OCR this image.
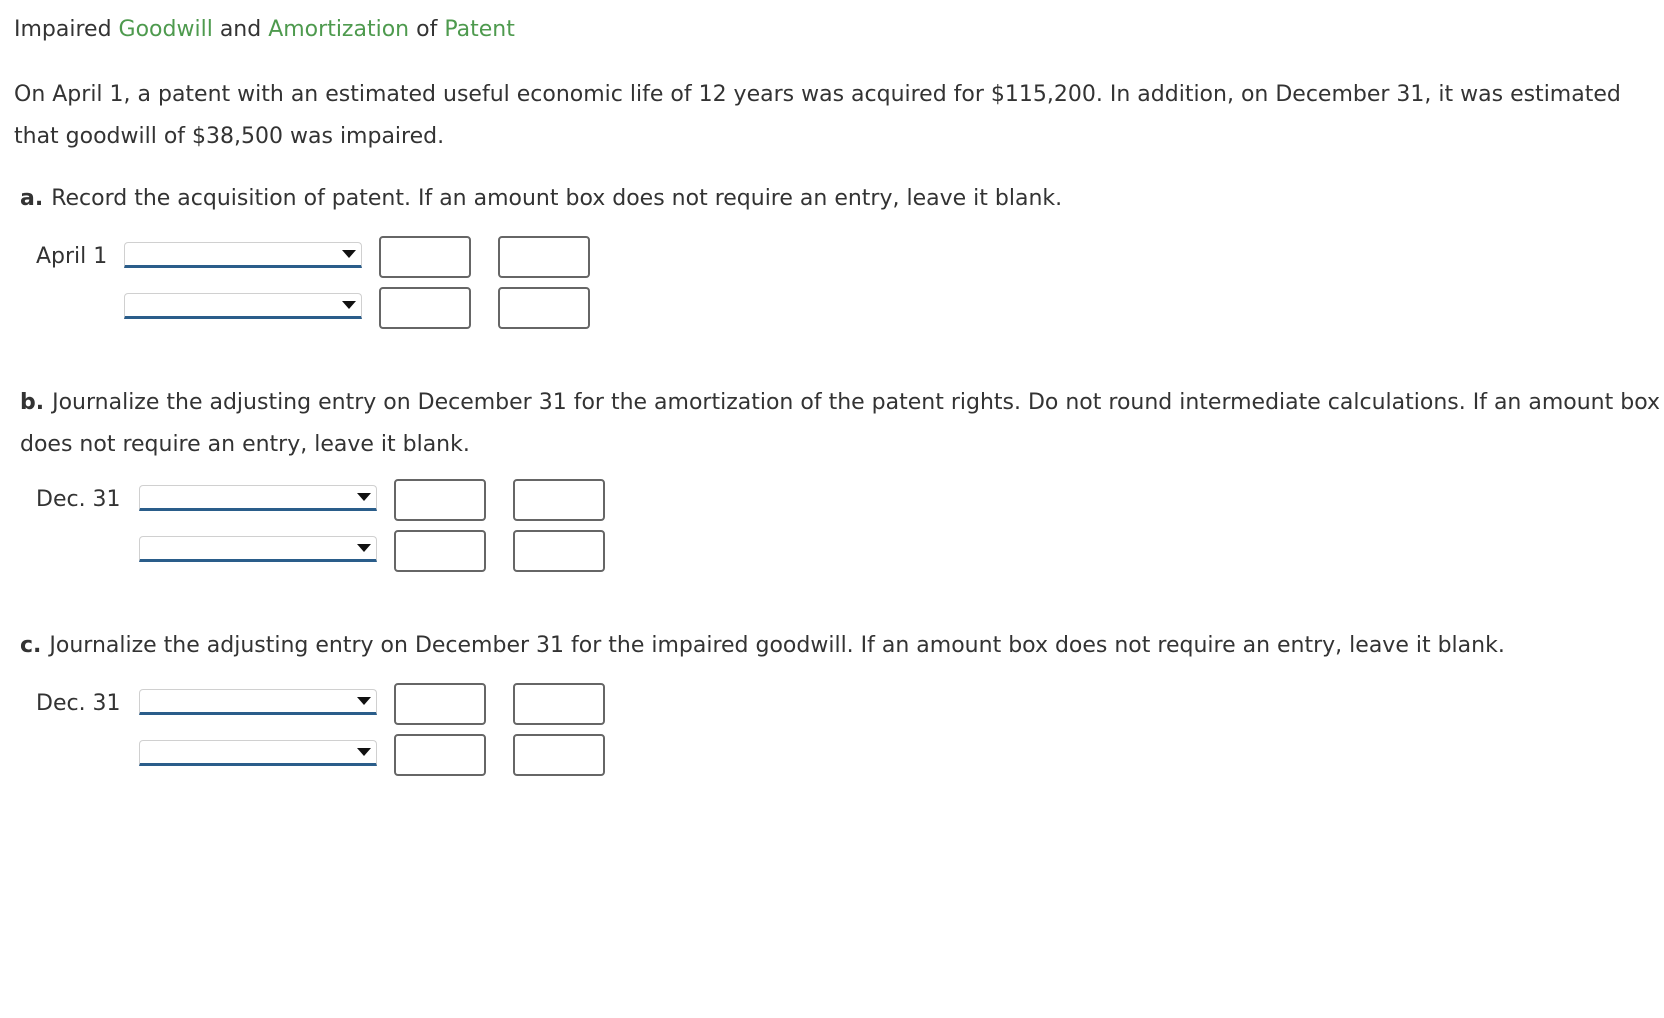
Impaired Goodwill and Amortization of Patent
On April 1, a patent with an estimated useful economic life of 12 years was acquired for $115,200. In addition, on December 31, it was estimated that goodwill of $38,500 was impaired.
a. Record the acquisition of patent. If an amount box does not require an entry, leave it blank.
April 1
b. Journalize the adjusting entry on December 31 for the amortization of the patent rights. Do not round intermediate calculations. If an amount box does not require an entry, leave it blank.
Dec. 31
c. Journalize the adjusting entry on December 31 for the impaired goodwill. If an amount box does not require an entry, leave it blank.
Dec. 31
